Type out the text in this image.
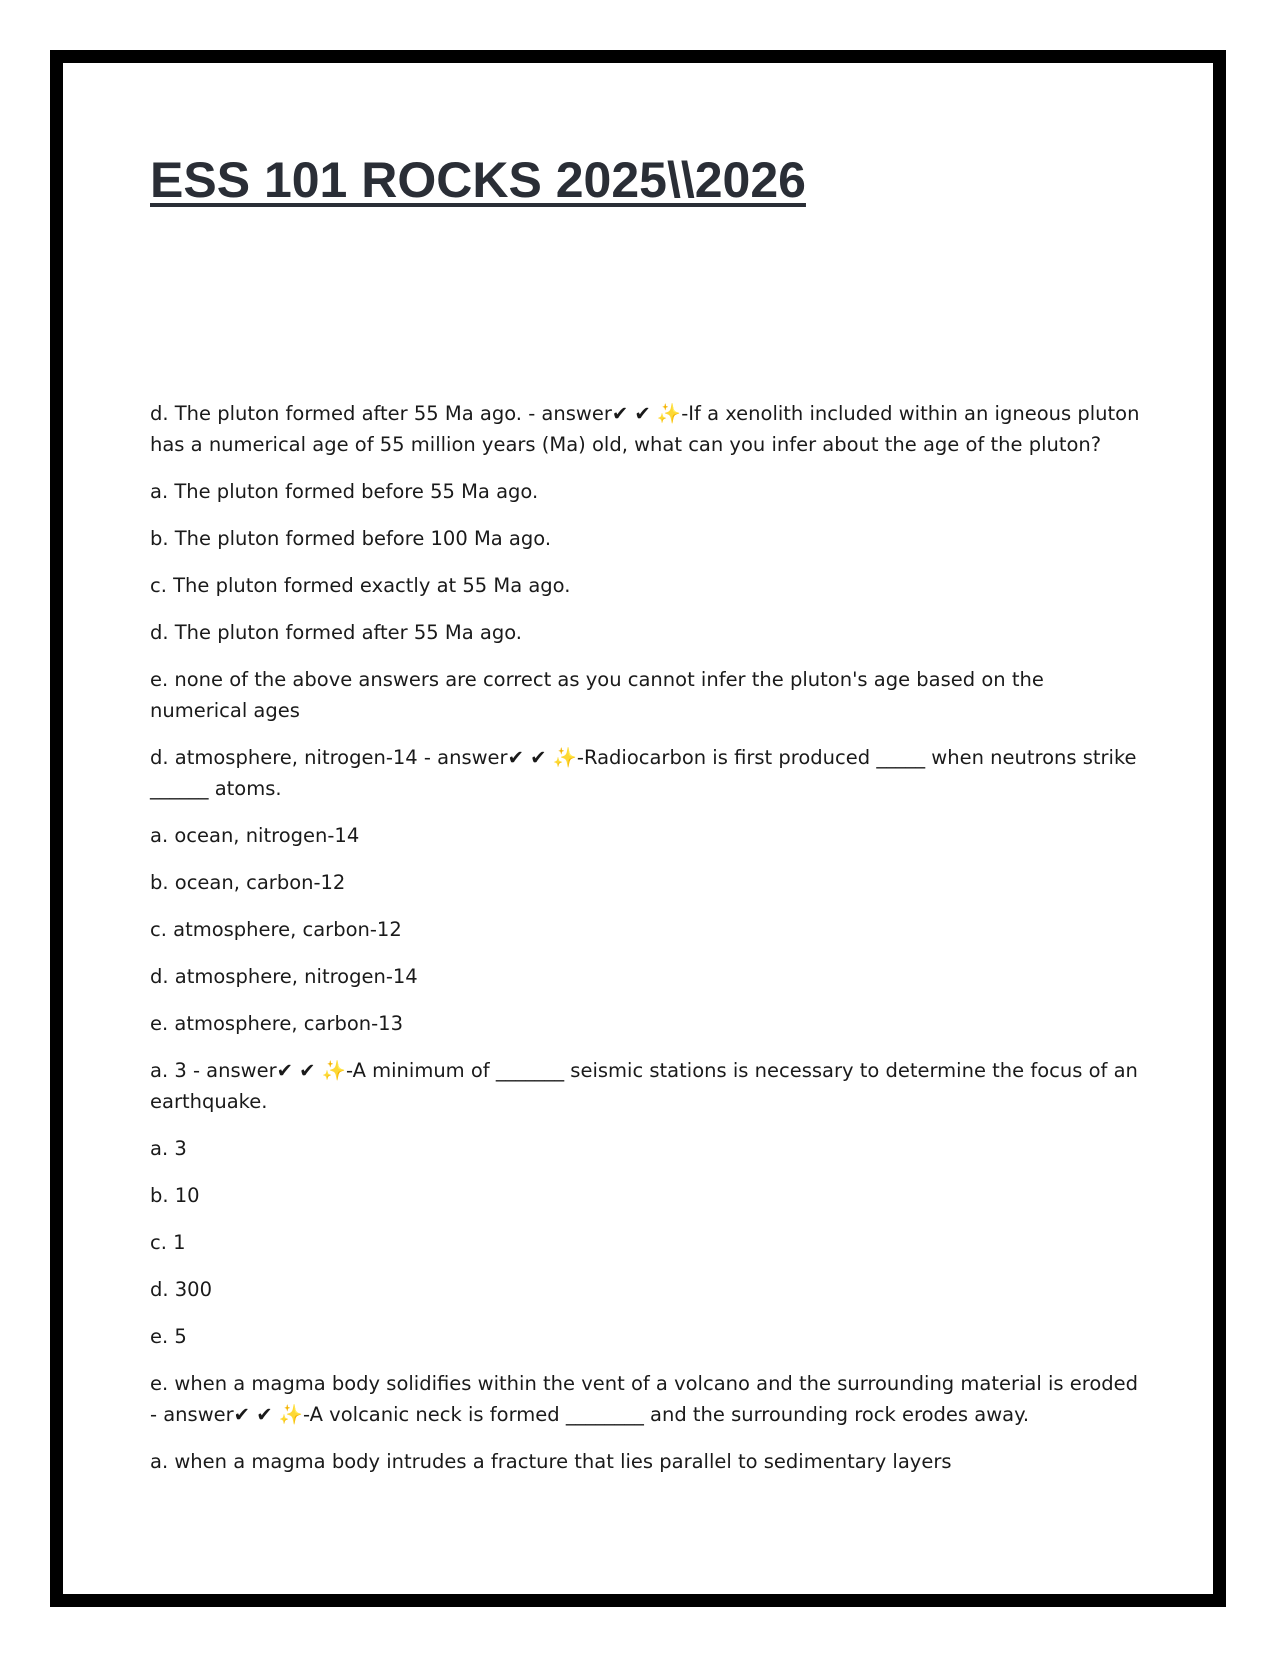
ESS 101 ROCKS 2025\\2026

d. The pluton formed after 55 Ma ago. - answer✔ ✔ ✨-If a xenolith included within an igneous pluton has a numerical age of 55 million years (Ma) old, what can you infer about the age of the pluton?

a. The pluton formed before 55 Ma ago.

b. The pluton formed before 100 Ma ago.

c. The pluton formed exactly at 55 Ma ago.

d. The pluton formed after 55 Ma ago.

e. none of the above answers are correct as you cannot infer the pluton's age based on the numerical ages

d. atmosphere, nitrogen-14 - answer✔ ✔ ✨-Radiocarbon is first produced _____ when neutrons strike ______ atoms.

a. ocean, nitrogen-14

b. ocean, carbon-12

c. atmosphere, carbon-12

d. atmosphere, nitrogen-14

e. atmosphere, carbon-13

a. 3 - answer✔ ✔ ✨-A minimum of _______ seismic stations is necessary to determine the focus of an earthquake.

a. 3

b. 10

c. 1

d. 300

e. 5

e. when a magma body solidifies within the vent of a volcano and the surrounding material is eroded - answer✔ ✔ ✨-A volcanic neck is formed ________ and the surrounding rock erodes away.

a. when a magma body intrudes a fracture that lies parallel to sedimentary layers
